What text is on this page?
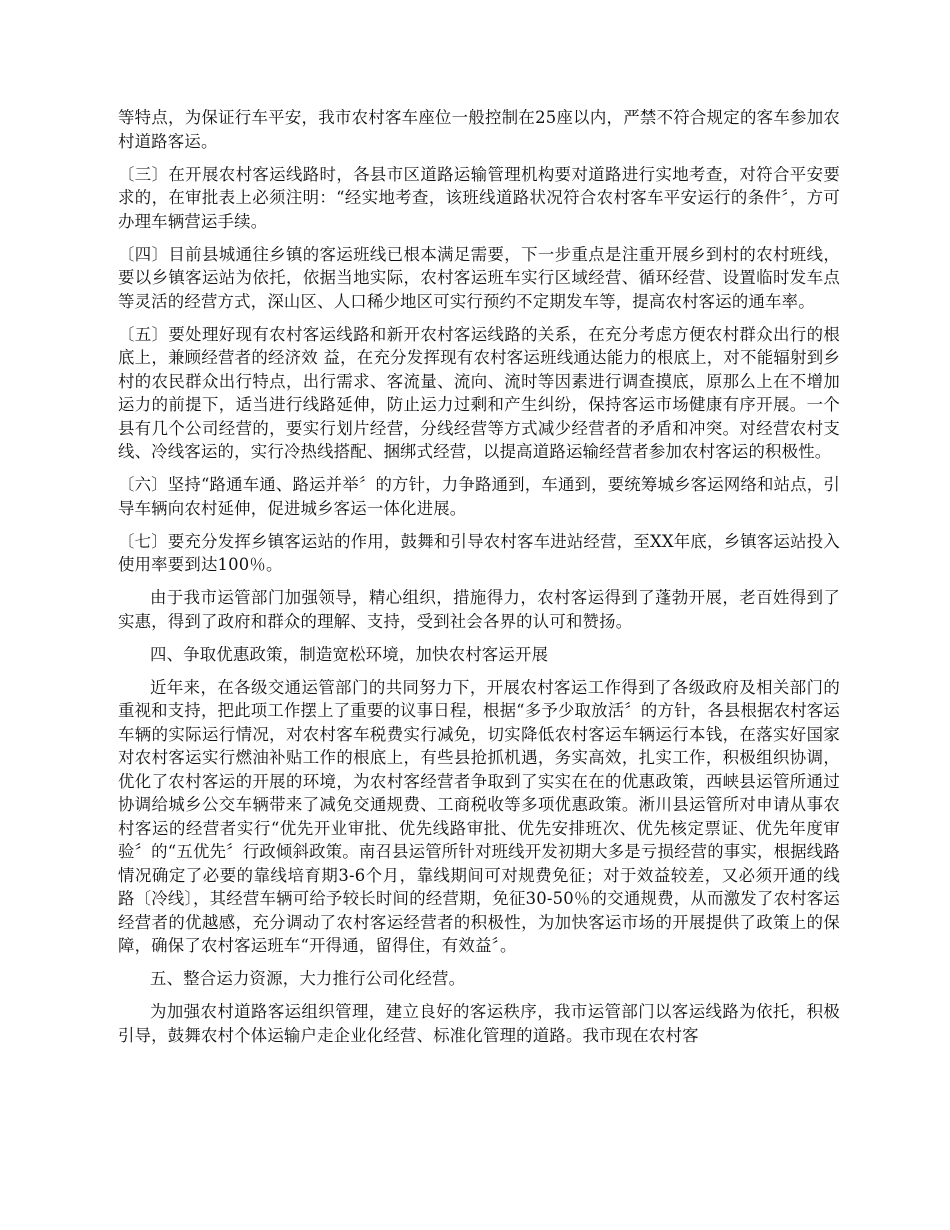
等特点，为保证行车平安，我市农村客车座位一般控制在25座以内，严禁不符合规定的客车参加农村道路客运。

〔三〕在开展农村客运线路时，各县市区道路运输管理机构要对道路进行实地考查，对符合平安要求的，在审批表上必须注明：“经实地考查，该班线道路状况符合农村客车平安运行的条件〞，方可办理车辆营运手续。

〔四〕目前县城通往乡镇的客运班线已根本满足需要，下一步重点是注重开展乡到村的农村班线，要以乡镇客运站为依托，依据当地实际，农村客运班车实行区域经营、循环经营、设置临时发车点等灵活的经营方式，深山区、人口稀少地区可实行预约不定期发车等，提高农村客运的通车率。

〔五〕要处理好现有农村客运线路和新开农村客运线路的关系，在充分考虑方便农村群众出行的根底上，兼顾经营者的经济效 益，在充分发挥现有农村客运班线通达能力的根底上，对不能辐射到乡村的农民群众出行特点，出行需求、客流量、流向、流时等因素进行调查摸底，原那么上在不增加运力的前提下，适当进行线路延伸，防止运力过剩和产生纠纷，保持客运市场健康有序开展。一个县有几个公司经营的，要实行划片经营，分线经营等方式减少经营者的矛盾和冲突。对经营农村支线、冷线客运的，实行冷热线搭配、捆绑式经营，以提高道路运输经营者参加农村客运的积极性。

〔六〕坚持“路通车通、路运并举〞的方针，力争路通到，车通到，要统筹城乡客运网络和站点，引导车辆向农村延伸，促进城乡客运一体化进展。

〔七〕要充分发挥乡镇客运站的作用，鼓舞和引导农村客车进站经营，至XX年底，乡镇客运站投入使用率要到达100％。

由于我市运管部门加强领导，精心组织，措施得力，农村客运得到了蓬勃开展，老百姓得到了实惠，得到了政府和群众的理解、支持，受到社会各界的认可和赞扬。

四、争取优惠政策，制造宽松环境，加快农村客运开展

近年来，在各级交通运管部门的共同努力下，开展农村客运工作得到了各级政府及相关部门的重视和支持，把此项工作摆上了重要的议事日程，根据“多予少取放活〞的方针，各县根据农村客运车辆的实际运行情况，对农村客车税费实行减免，切实降低农村客运车辆运行本钱，在落实好国家对农村客运实行燃油补贴工作的根底上，有些县抢抓机遇，务实高效，扎实工作，积极组织协调，优化了农村客运的开展的环境，为农村客经营者争取到了实实在在的优惠政策，西峡县运管所通过协调给城乡公交车辆带来了减免交通规费、工商税收等多项优惠政策。淅川县运管所对申请从事农村客运的经营者实行“优先开业审批、优先线路审批、优先安排班次、优先核定票证、优先年度审验〞的“五优先〞行政倾斜政策。南召县运管所针对班线开发初期大多是亏损经营的事实，根据线路情况确定了必要的靠线培育期3-6个月，靠线期间可对规费免征；对于效益较差，又必须开通的线路〔冷线〕，其经营车辆可给予较长时间的经营期，免征30-50％的交通规费，从而激发了农村客运经营者的优越感，充分调动了农村客运经营者的积极性，为加快客运市场的开展提供了政策上的保障，确保了农村客运班车“开得通，留得住，有效益〞。

五、整合运力资源，大力推行公司化经营。

为加强农村道路客运组织管理，建立良好的客运秩序，我市运管部门以客运线路为依托，积极引导，鼓舞农村个体运输户走企业化经营、标准化管理的道路。我市现在农村客
